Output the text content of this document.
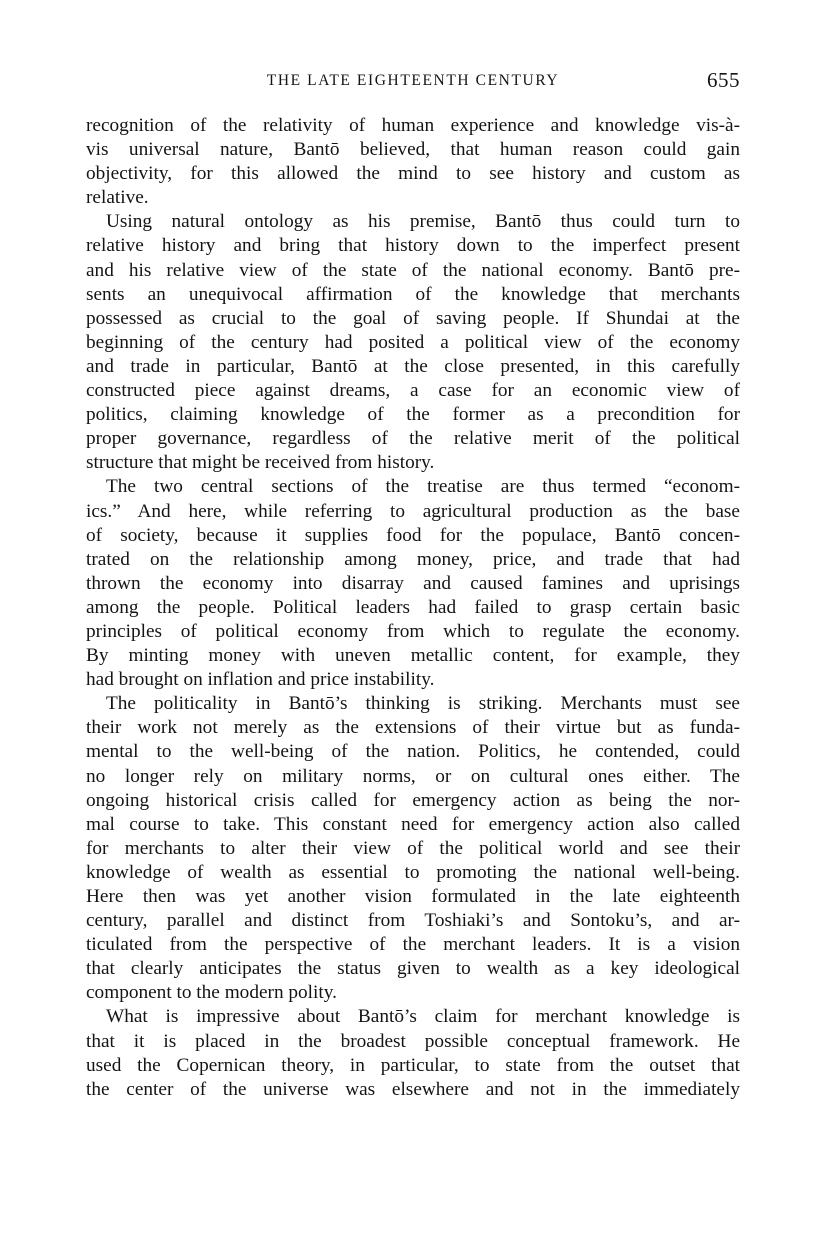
THE LATE EIGHTEENTH CENTURY	655
recognition of the relativity of human experience and knowledge vis-à-
vis universal nature, Bantō believed, that human reason could gain
objectivity, for this allowed the mind to see history and custom as
relative.
Using natural ontology as his premise, Bantō thus could turn to
relative history and bring that history down to the imperfect present
and his relative view of the state of the national economy. Bantō pre-
sents an unequivocal affirmation of the knowledge that merchants
possessed as crucial to the goal of saving people. If Shundai at the
beginning of the century had posited a political view of the economy
and trade in particular, Bantō at the close presented, in this carefully
constructed piece against dreams, a case for an economic view of
politics, claiming knowledge of the former as a precondition for
proper governance, regardless of the relative merit of the political
structure that might be received from history.
The two central sections of the treatise are thus termed “econom-
ics.” And here, while referring to agricultural production as the base
of society, because it supplies food for the populace, Bantō concen-
trated on the relationship among money, price, and trade that had
thrown the economy into disarray and caused famines and uprisings
among the people. Political leaders had failed to grasp certain basic
principles of political economy from which to regulate the economy.
By minting money with uneven metallic content, for example, they
had brought on inflation and price instability.
The politicality in Bantō’s thinking is striking. Merchants must see
their work not merely as the extensions of their virtue but as funda-
mental to the well-being of the nation. Politics, he contended, could
no longer rely on military norms, or on cultural ones either. The
ongoing historical crisis called for emergency action as being the nor-
mal course to take. This constant need for emergency action also called
for merchants to alter their view of the political world and see their
knowledge of wealth as essential to promoting the national well-being.
Here then was yet another vision formulated in the late eighteenth
century, parallel and distinct from Toshiaki’s and Sontoku’s, and ar-
ticulated from the perspective of the merchant leaders. It is a vision
that clearly anticipates the status given to wealth as a key ideological
component to the modern polity.
What is impressive about Bantō’s claim for merchant knowledge is
that it is placed in the broadest possible conceptual framework. He
used the Copernican theory, in particular, to state from the outset that
the center of the universe was elsewhere and not in the immediately
